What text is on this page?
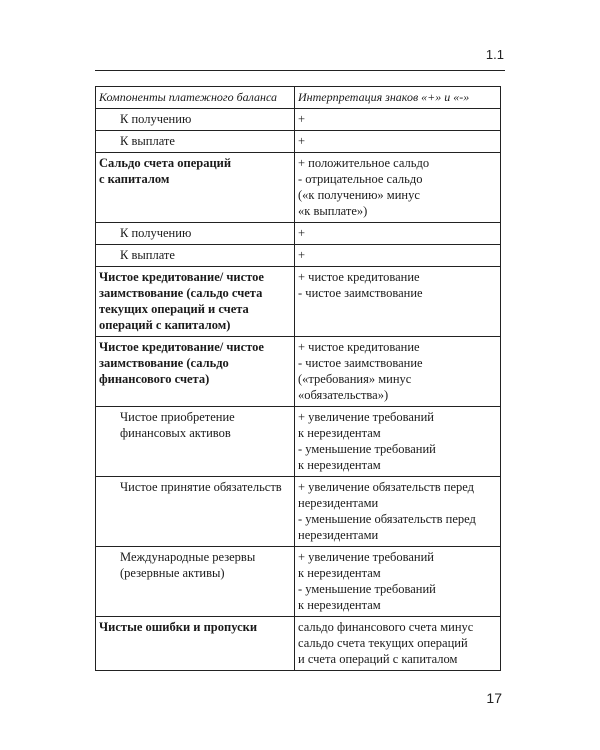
1.1
Компоненты платежного баланса	Интерпретация знаков «+» и «-»

К получению	+

К выплате	+

Сальдо счета операций
с капиталом	+ положительное сальдо
- отрицательное сальдо
(«к получению» минус
«к выплате»)

К получению	+

К выплате	+

Чистое кредитование/ чистое
заимствование (сальдо счета
текущих операций и счета
операций с капиталом)	+ чистое кредитование
- чистое заимствование

Чистое кредитование/ чистое
заимствование (сальдо
финансового счета)	+ чистое кредитование
- чистое заимствование
(«требования» минус
«обязательства»)

Чистое приобретение
финансовых активов	+ увеличение требований
к нерезидентам
- уменьшение требований
к нерезидентам

Чистое принятие обязательств	+ увеличение обязательств перед
нерезидентами
- уменьшение обязательств перед
нерезидентами

Международные резервы
(резервные активы)	+ увеличение требований
к нерезидентам
- уменьшение требований
к нерезидентам

Чистые ошибки и пропуски	сальдо финансового счета минус
сальдо счета текущих операций
и счета операций с капиталом
17
